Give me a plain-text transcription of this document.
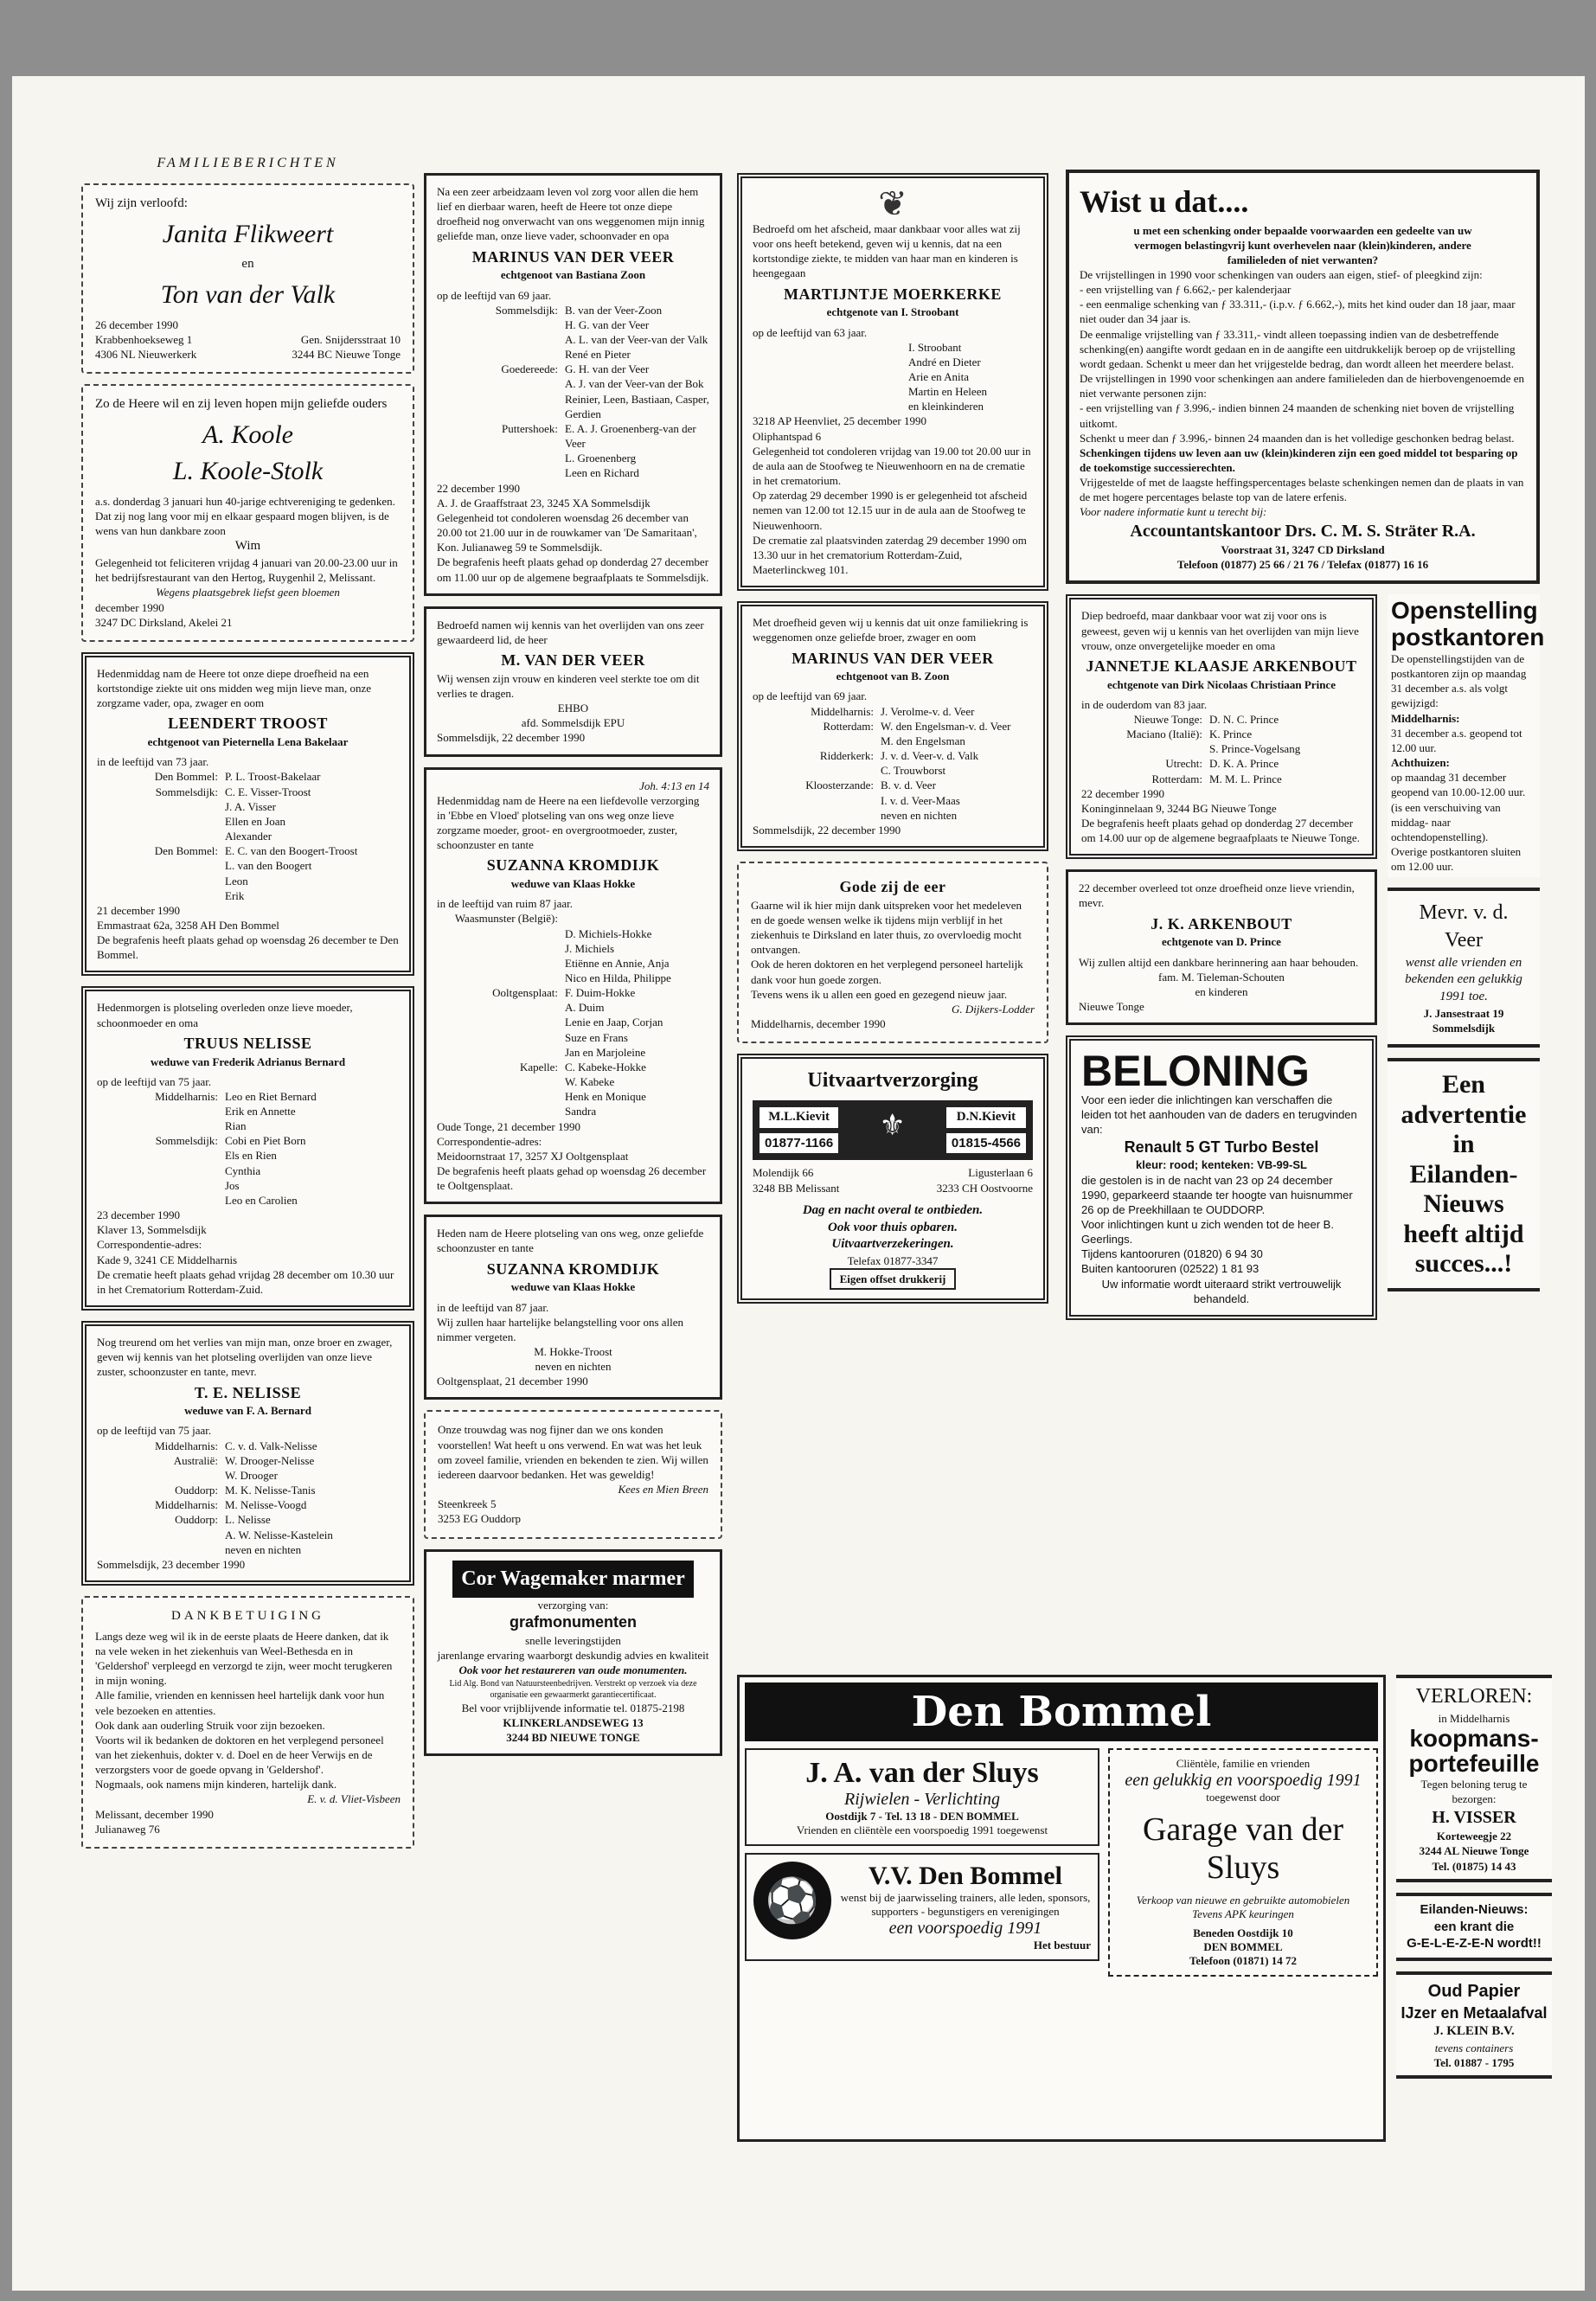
FAMILIEBERICHTEN
Wij zijn verloofd:
Janita Flikweert
en
Ton van der Valk
26 december 1990
Krabbenhoekseweg 1	Gen. Snijdersstraat 10
4306 NL Nieuwerkerk	3244 BC Nieuwe Tonge
Zo de Heere wil en zij leven hopen mijn geliefde ouders
A. Koole
L. Koole-Stolk
a.s. donderdag 3 januari hun 40-jarige echtvereniging te gedenken.
Dat zij nog lang voor mij en elkaar gespaard mogen blijven, is de wens van hun dankbare zoon
Wim
Gelegenheid tot feliciteren vrijdag 4 januari van 20.00-23.00 uur in het bedrijfsrestaurant van den Hertog, Ruygenhil 2, Melissant.
Wegens plaatsgebrek liefst geen bloemen
december 1990
3247 DC Dirksland, Akelei 21
Hedenmiddag nam de Heere tot onze diepe droefheid na een kortstondige ziekte uit ons midden weg mijn lieve man, onze zorgzame vader, opa, zwager en oom
LEENDERT TROOST
echtgenoot van Pieternella Lena Bakelaar
in de leeftijd van 73 jaar.
Den Bommel: P. L. Troost-Bakelaar
Sommelsdijk: C. E. Visser-Troost
J. A. Visser
Ellen en Joan
Alexander
Den Bommel: E. C. van den Boogert-Troost
L. van den Boogert
Leon
Erik
21 december 1990
Emmastraat 62a, 3258 AH Den Bommel
De begrafenis heeft plaats gehad op woensdag 26 december te Den Bommel.
Hedenmorgen is plotseling overleden onze lieve moeder, schoonmoeder en oma
TRUUS NELISSE
weduwe van Frederik Adrianus Bernard
op de leeftijd van 75 jaar.
Middelharnis: Leo en Riet Bernard
Erik en Annette
Rian
Sommelsdijk: Cobi en Piet Born
Els en Rien
Cynthia
Jos
Leo en Carolien
23 december 1990
Klaver 13, Sommelsdijk
Correspondentie-adres:
Kade 9, 3241 CE Middelharnis
De crematie heeft plaats gehad vrijdag 28 december om 10.30 uur in het Crematorium Rotterdam-Zuid.
Nog treurend om het verlies van mijn man, onze broer en zwager, geven wij kennis van het plotseling overlijden van onze lieve zuster, schoonzuster en tante, mevr.
T. E. NELISSE
weduwe van F. A. Bernard
op de leeftijd van 75 jaar.
Middelharnis: C. v. d. Valk-Nelisse
Australië: W. Drooger-Nelisse
W. Drooger
Ouddorp: M. K. Nelisse-Tanis
Middelharnis: M. Nelisse-Voogd
Ouddorp: L. Nelisse
A. W. Nelisse-Kastelein
neven en nichten
Sommelsdijk, 23 december 1990
DANKBETUIGING
Langs deze weg wil ik in de eerste plaats de Heere danken, dat ik na vele weken in het ziekenhuis van Weel-Bethesda en in 'Geldershof' verpleegd en verzorgd te zijn, weer mocht terugkeren in mijn woning.
Alle familie, vrienden en kennissen heel hartelijk dank voor hun vele bezoeken en attenties.
Ook dank aan ouderling Struik voor zijn bezoeken.
Voorts wil ik bedanken de doktoren en het verplegend personeel van het ziekenhuis, dokter v. d. Doel en de heer Verwijs en de verzorgsters voor de goede opvang in 'Geldershof'.
Nogmaals, ook namens mijn kinderen, hartelijk dank.
E. v. d. Vliet-Visbeen
Melissant, december 1990
Julianaweg 76
Na een zeer arbeidzaam leven vol zorg voor allen die hem lief en dierbaar waren, heeft de Heere tot onze diepe droefheid nog onverwacht van ons weggenomen mijn innig geliefde man, onze lieve vader, schoonvader en opa
MARINUS VAN DER VEER
echtgenoot van Bastiana Zoon
op de leeftijd van 69 jaar.
Sommelsdijk: B. van der Veer-Zoon
H. G. van der Veer
A. L. van der Veer-van der Valk
René en Pieter
Goedereede: G. H. van der Veer
A. J. van der Veer-van der Bok
Reinier, Leen, Bastiaan, Casper, Gerdien
Puttershoek: E. A. J. Groenenberg-van der Veer
L. Groenenberg
Leen en Richard
22 december 1990
A. J. de Graaffstraat 23, 3245 XA Sommelsdijk
Gelegenheid tot condoleren woensdag 26 december van 20.00 tot 21.00 uur in de rouwkamer van 'De Samaritaan', Kon. Julianaweg 59 te Sommelsdijk.
De begrafenis heeft plaats gehad op donderdag 27 december om 11.00 uur op de algemene begraafplaats te Sommelsdijk.
Bedroefd namen wij kennis van het overlijden van ons zeer gewaardeerd lid, de heer
M. VAN DER VEER
Wij wensen zijn vrouw en kinderen veel sterkte toe om dit verlies te dragen.
EHBO
afd. Sommelsdijk EPU
Sommelsdijk, 22 december 1990
Joh. 4:13 en 14
Hedenmiddag nam de Heere na een liefdevolle verzorging in 'Ebbe en Vloed' plotseling van ons weg onze lieve zorgzame moeder, groot- en overgrootmoeder, zuster, schoonzuster en tante
SUZANNA KROMDIJK
weduwe van Klaas Hokke
in de leeftijd van ruim 87 jaar.
Waasmunster (België):
D. Michiels-Hokke
J. Michiels
Etiënne en Annie, Anja
Nico en Hilda, Philippe
Ooltgensplaat: F. Duim-Hokke
A. Duim
Lenie en Jaap, Corjan
Suze en Frans
Jan en Marjoleine
Kapelle: C. Kabeke-Hokke
W. Kabeke
Henk en Monique
Sandra
Oude Tonge, 21 december 1990
Correspondentie-adres:
Meidoornstraat 17, 3257 XJ Ooltgensplaat
De begrafenis heeft plaats gehad op woensdag 26 december te Ooltgensplaat.
Heden nam de Heere plotseling van ons weg, onze geliefde schoonzuster en tante
SUZANNA KROMDIJK
weduwe van Klaas Hokke
in de leeftijd van 87 jaar.
Wij zullen haar hartelijke belangstelling voor ons allen nimmer vergeten.
M. Hokke-Troost
neven en nichten
Ooltgensplaat, 21 december 1990
Onze trouwdag was nog fijner dan we ons konden voorstellen! Wat heeft u ons verwend. En wat was het leuk om zoveel familie, vrienden en bekenden te zien. Wij willen iedereen daarvoor bedanken. Het was geweldig!
Kees en Mien Breen
Steenkreek 5
3253 EG Ouddorp
Cor Wagemaker marmer
verzorging van:
grafmonumenten
snelle leveringstijden
jarenlange ervaring waarborgt deskundig advies en kwaliteit
Ook voor het restaureren van oude monumenten.
Lid Alg. Bond van Natuursteenbedrijven. Verstrekt op verzoek via deze organisatie een gewaarmerkt garantiecertificaat.
Bel voor vrijblijvende informatie tel. 01875-2198
KLINKERLANDSEWEG 13
3244 BD NIEUWE TONGE
❦
Bedroefd om het afscheid, maar dankbaar voor alles wat zij voor ons heeft betekend, geven wij u kennis, dat na een kortstondige ziekte, te midden van haar man en kinderen is heengegaan
MARTIJNTJE MOERKERKE
echtgenote van I. Stroobant
op de leeftijd van 63 jaar.
I. Stroobant
André en Dieter
Arie en Anita
Martin en Heleen
en kleinkinderen
3218 AP Heenvliet, 25 december 1990
Oliphantspad 6
Gelegenheid tot condoleren vrijdag van 19.00 tot 20.00 uur in de aula aan de Stoofweg te Nieuwenhoorn en na de crematie in het crematorium.
Op zaterdag 29 december 1990 is er gelegenheid tot afscheid nemen van 12.00 tot 12.15 uur in de aula aan de Stoofweg te Nieuwenhoorn.
De crematie zal plaatsvinden zaterdag 29 december 1990 om 13.30 uur in het crematorium Rotterdam-Zuid, Maeterlinckweg 101.
Met droefheid geven wij u kennis dat uit onze familiekring is weggenomen onze geliefde broer, zwager en oom
MARINUS VAN DER VEER
echtgenoot van B. Zoon
op de leeftijd van 69 jaar.
Middelharnis: J. Verolme-v. d. Veer
Rotterdam: W. den Engelsman-v. d. Veer
M. den Engelsman
Ridderkerk: J. v. d. Veer-v. d. Valk
C. Trouwborst
Kloosterzande: B. v. d. Veer
I. v. d. Veer-Maas
neven en nichten
Sommelsdijk, 22 december 1990
Gode zij de eer
Gaarne wil ik hier mijn dank uitspreken voor het medeleven en de goede wensen welke ik tijdens mijn verblijf in het ziekenhuis te Dirksland en later thuis, zo overvloedig mocht ontvangen.
Ook de heren doktoren en het verplegend personeel hartelijk dank voor hun goede zorgen.
Tevens wens ik u allen een goed en gezegend nieuw jaar.
G. Dijkers-Lodder
Middelharnis, december 1990
Uitvaartverzorging
M.L.Kievit
01877-1166
⚜	D.N.Kievit
01815-4566
Molendijk 66	Ligusterlaan 6
3248 BB Melissant	3233 CH Oostvoorne
Dag en nacht overal te ontbieden.
Ook voor thuis opbaren.
Uitvaartverzekeringen.
Telefax 01877-3347
Eigen offset drukkerij
Wist u dat....
u met een schenking onder bepaalde voorwaarden een gedeelte van uw vermogen belastingvrij kunt overhevelen naar (klein)kinderen, andere familieleden of niet verwanten?
De vrijstellingen in 1990 voor schenkingen van ouders aan eigen, stief- of pleegkind zijn:
- een vrijstelling van ƒ 6.662,- per kalenderjaar
- een eenmalige schenking van ƒ 33.311,- (i.p.v. ƒ 6.662,-), mits het kind ouder dan 18 jaar, maar niet ouder dan 34 jaar is.
De eenmalige vrijstelling van ƒ 33.311,- vindt alleen toepassing indien van de desbetreffende schenking(en) aangifte wordt gedaan en in de aangifte een uitdrukkelijk beroep op de vrijstelling wordt gedaan. Schenkt u meer dan het vrijgestelde bedrag, dan wordt alleen het meerdere belast.
De vrijstellingen in 1990 voor schenkingen aan andere familieleden dan de hierbovengenoemde en niet verwante personen zijn:
- een vrijstelling van ƒ 3.996,- indien binnen 24 maanden de schenking niet boven de vrijstelling uitkomt.
Schenkt u meer dan ƒ 3.996,- binnen 24 maanden dan is het volledige geschonken bedrag belast.
Schenkingen tijdens uw leven aan uw (klein)kinderen zijn een goed middel tot besparing op de toekomstige successierechten.
Vrijgestelde of met de laagste heffingspercentages belaste schenkingen nemen dan de plaats in van de met hogere percentages belaste top van de latere erfenis.
Voor nadere informatie kunt u terecht bij:
Accountantskantoor Drs. C. M. S. Sträter R.A.
Voorstraat 31, 3247 CD Dirksland
Telefoon (01877) 25 66 / 21 76 / Telefax (01877) 16 16
Diep bedroefd, maar dankbaar voor wat zij voor ons is geweest, geven wij u kennis van het overlijden van mijn lieve vrouw, onze onvergetelijke moeder en oma
JANNETJE KLAASJE ARKENBOUT
echtgenote van Dirk Nicolaas Christiaan Prince
in de ouderdom van 83 jaar.
Nieuwe Tonge: D. N. C. Prince
Maciano (Italië): K. Prince
S. Prince-Vogelsang
Utrecht: D. K. A. Prince
Rotterdam: M. M. L. Prince
22 december 1990
Koninginnelaan 9, 3244 BG Nieuwe Tonge
De begrafenis heeft plaats gehad op donderdag 27 december om 14.00 uur op de algemene begraafplaats te Nieuwe Tonge.
22 december overleed tot onze droefheid onze lieve vriendin, mevr.
J. K. ARKENBOUT
echtgenote van D. Prince
Wij zullen altijd een dankbare herinnering aan haar behouden.
fam. M. Tieleman-Schouten
en kinderen
Nieuwe Tonge
BELONING
Voor een ieder die inlichtingen kan verschaffen die leiden tot het aanhouden van de daders en terugvinden van:
Renault 5 GT Turbo Bestel
kleur: rood; kenteken: VB-99-SL
die gestolen is in de nacht van 23 op 24 december 1990, geparkeerd staande ter hoogte van huisnummer 26 op de Preekhillaan te OUDDORP.
Voor inlichtingen kunt u zich wenden tot de heer B. Geerlings.
Tijdens kantooruren (01820) 6 94 30
Buiten kantooruren (02522) 1 81 93
Uw informatie wordt uiteraard strikt vertrouwelijk behandeld.
Openstelling postkantoren
De openstellingstijden van de postkantoren zijn op maandag 31 december a.s. als volgt gewijzigd:
Middelharnis:
31 december a.s. geopend tot 12.00 uur.
Achthuizen:
op maandag 31 december geopend van 10.00-12.00 uur.
(is een verschuiving van middag- naar ochtendopenstelling).
Overige postkantoren sluiten om 12.00 uur.
Mevr. v. d. Veer
wenst alle vrienden en bekenden een gelukkig 1991 toe.
J. Jansestraat 19
Sommelsdijk
Een
advertentie
in
Eilanden-
Nieuws
heeft altijd
succes...!
Den Bommel
J. A. van der Sluys
Rijwielen - Verlichting
Oostdijk 7 - Tel. 13 18 - DEN BOMMEL
Vrienden en cliëntèle een voorspoedig 1991 toegewenst
⚽
V.V. Den Bommel
wenst bij de jaarwisseling trainers, alle leden, sponsors, supporters - begunstigers en verenigingen
een voorspoedig 1991
Het bestuur
Cliëntèle, familie en vrienden
een gelukkig en voorspoedig 1991
toegewenst door
Garage van der Sluys
Verkoop van nieuwe en gebruikte automobielen
Tevens APK keuringen
Beneden Oostdijk 10
DEN BOMMEL
Telefoon (01871) 14 72
VERLOREN:
in Middelharnis
koopmans-portefeuille
Tegen beloning terug te bezorgen:
H. VISSER
Korteweegje 22
3244 AL Nieuwe Tonge
Tel. (01875) 14 43
Eilanden-Nieuws:
een krant die
G-E-L-E-Z-E-N wordt!!
Oud Papier
IJzer en Metaalafval
J. KLEIN B.V.
tevens containers
Tel. 01887 - 1795
